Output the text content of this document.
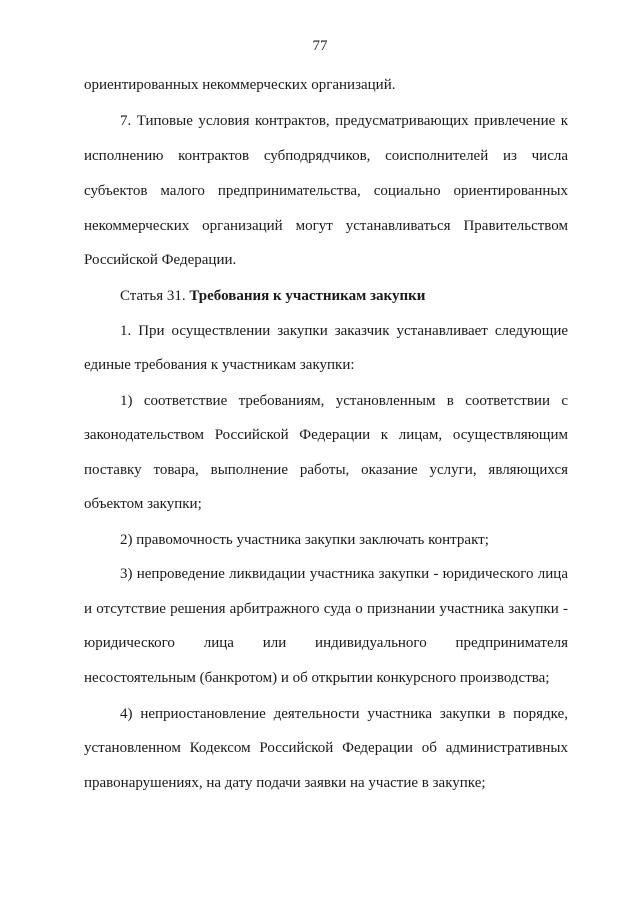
77
ориентированных некоммерческих организаций.
7. Типовые условия контрактов, предусматривающих привлечение к
исполнению контрактов субподрядчиков, соисполнителей из числа
субъектов малого предпринимательства, социально ориентированных
некоммерческих организаций могут устанавливаться Правительством
Российской Федерации.
Статья 31. Требования к участникам закупки
1. При осуществлении закупки заказчик устанавливает следующие
единые требования к участникам закупки:
1) соответствие требованиям, установленным в соответствии с
законодательством Российской Федерации к лицам, осуществляющим
поставку товара, выполнение работы, оказание услуги, являющихся
объектом закупки;
2) правомочность участника закупки заключать контракт;
3) непроведение ликвидации участника закупки - юридического лица
и отсутствие решения арбитражного суда о признании участника закупки -
юридического лица или индивидуального предпринимателя
несостоятельным (банкротом) и об открытии конкурсного производства;
4) неприостановление деятельности участника закупки в порядке,
установленном Кодексом Российской Федерации об административных
правонарушениях, на дату подачи заявки на участие в закупке;
